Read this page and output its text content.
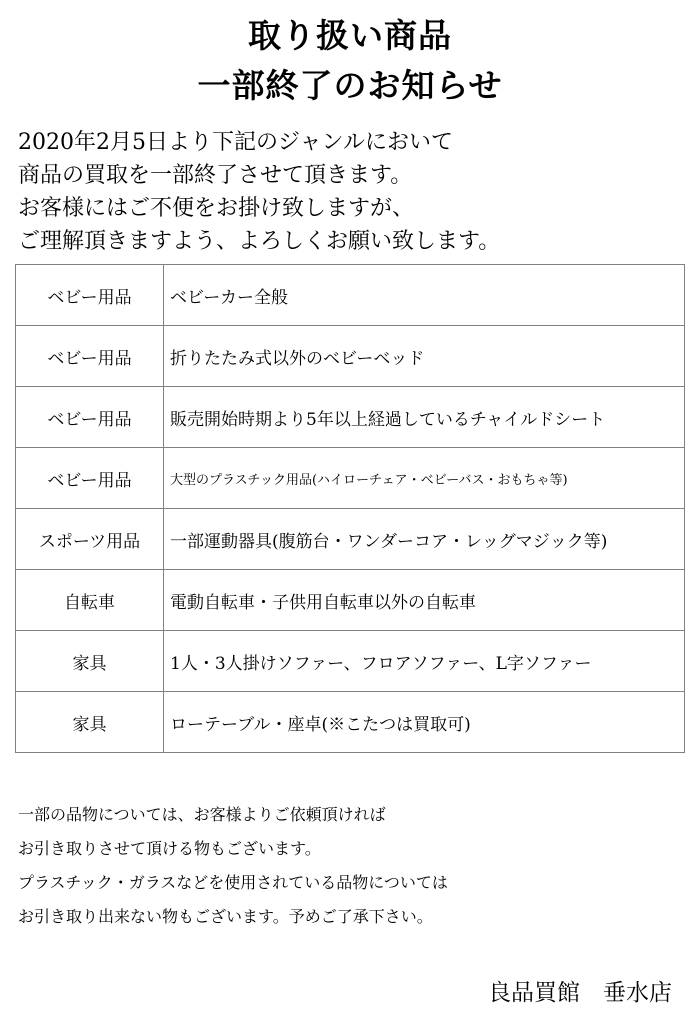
取り扱い商品
一部終了のお知らせ
2020年2月5日より下記のジャンルにおいて
商品の買取を一部終了させて頂きます。
お客様にはご不便をお掛け致しますが、
ご理解頂きますよう、よろしくお願い致します。
ベビー用品	ベビーカー全般
ベビー用品	折りたたみ式以外のベビーベッド
ベビー用品	販売開始時期より5年以上経過しているチャイルドシート
ベビー用品	大型のプラスチック用品(ハイローチェア・ベビーバス・おもちゃ等)
スポーツ用品	一部運動器具(腹筋台・ワンダーコア・レッグマジック等)
自転車	電動自転車・子供用自転車以外の自転車
家具	1人・3人掛けソファー、フロアソファー、L字ソファー
家具	ローテーブル・座卓(※こたつは買取可)
一部の品物については、お客様よりご依頼頂ければ
お引き取りさせて頂ける物もございます。
プラスチック・ガラスなどを使用されている品物については
お引き取り出来ない物もございます。予めご了承下さい。
良品買館　垂水店
